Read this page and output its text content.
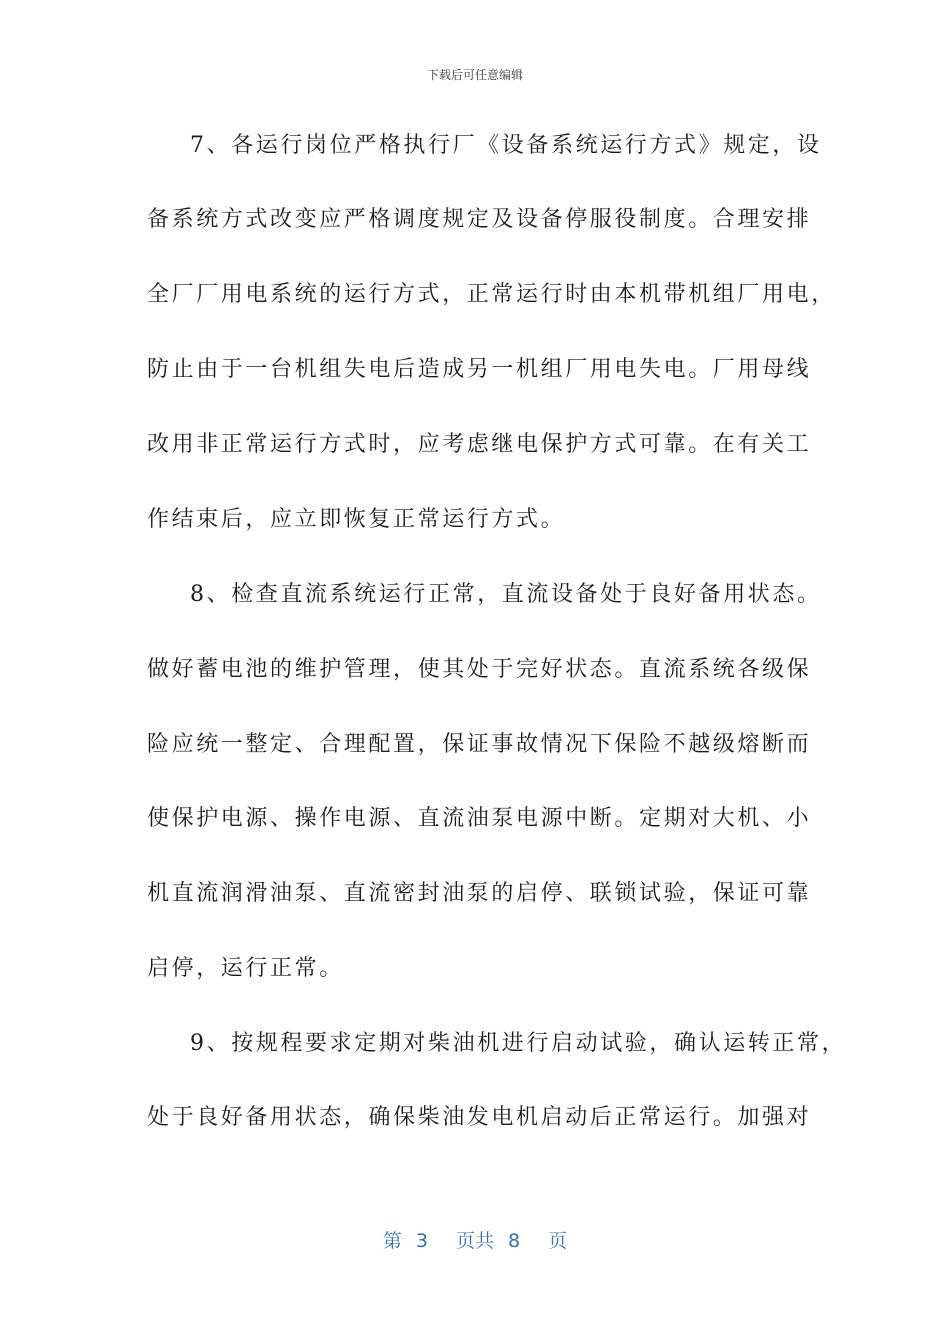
下载后可任意编辑
7、各运行岗位严格执行厂《设备系统运行方式》规定，设
备系统方式改变应严格调度规定及设备停服役制度。合理安排
全厂厂用电系统的运行方式，正常运行时由本机带机组厂用电，
防止由于一台机组失电后造成另一机组厂用电失电。厂用母线
改用非正常运行方式时，应考虑继电保护方式可靠。在有关工
作结束后，应立即恢复正常运行方式。
8、检查直流系统运行正常，直流设备处于良好备用状态。
做好蓄电池的维护管理，使其处于完好状态。直流系统各级保
险应统一整定、合理配置，保证事故情况下保险不越级熔断而
使保护电源、操作电源、直流油泵电源中断。定期对大机、小
机直流润滑油泵、直流密封油泵的启停、联锁试验，保证可靠
启停，运行正常。
9、按规程要求定期对柴油机进行启动试验，确认运转正常，
处于良好备用状态，确保柴油发电机启动后正常运行。加强对
第 3 页共 8 页
